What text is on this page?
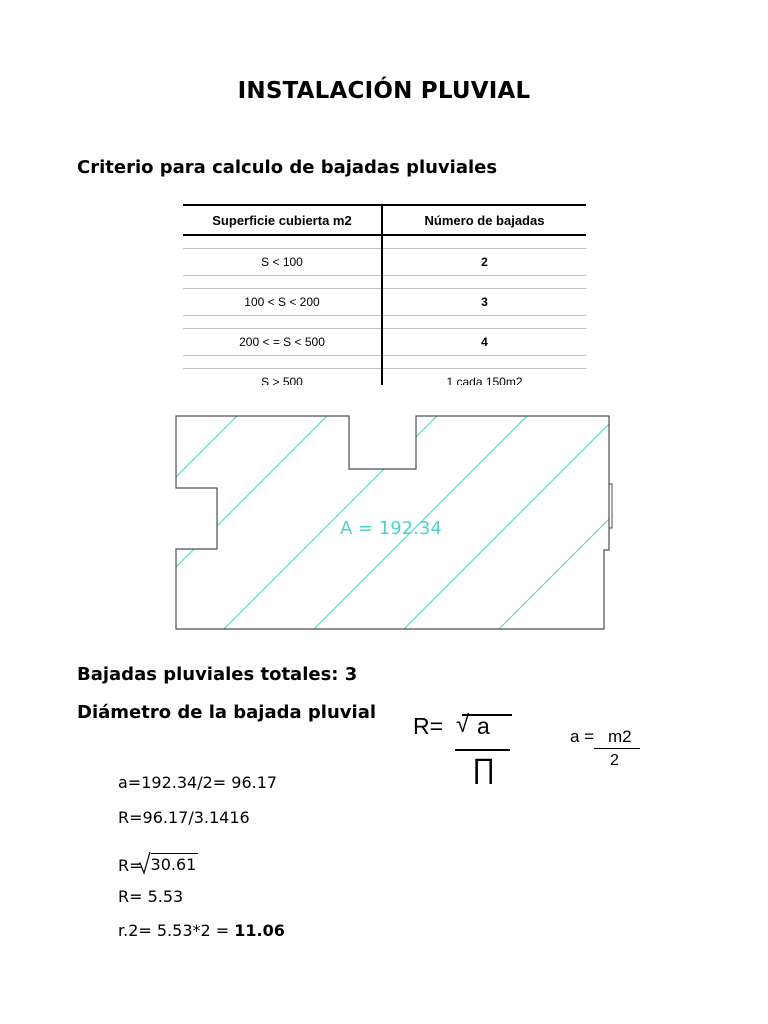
INSTALACIÓN PLUVIAL
Criterio para calculo de bajadas pluviales
Superficie cubierta m2	Número de bajadas

S < 100	2

100 < S < 200	3

200 < = S < 500	4

S > 500	1 cada 150m2
A = 192.34
Bajadas pluviales totales: 3
Diámetro de la bajada pluvial
R= √ a
∏
a = m2
2
a=192.34/2= 96.17
R=96.17/3.1416
R= 30.61
R= 5.53
r.2= 5.53*2 = 11.06
